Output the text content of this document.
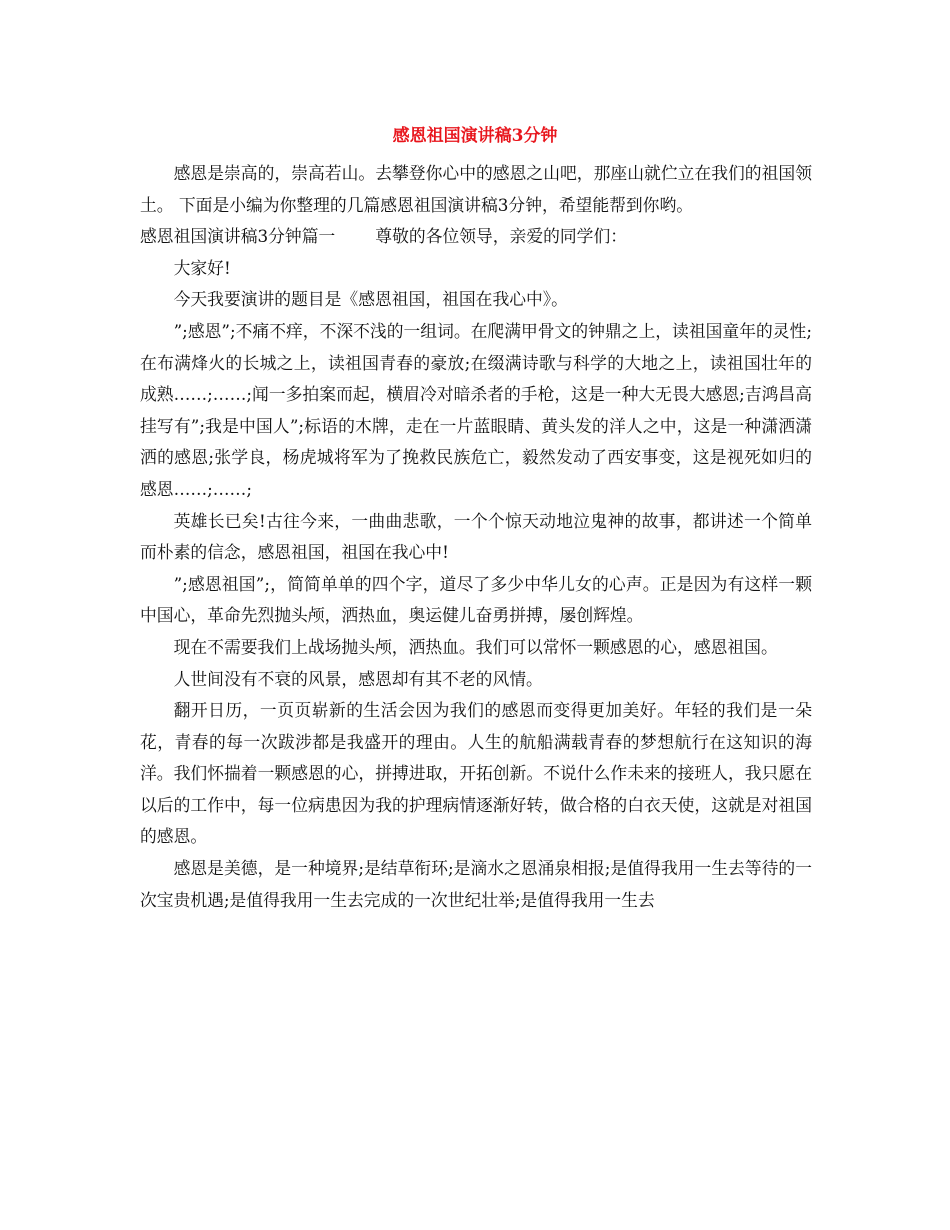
感恩祖国演讲稿3分钟

感恩是崇高的，崇高若山。去攀登你心中的感恩之山吧，那座山就伫立在我们的祖国领土。 下面是小编为你整理的几篇感恩祖国演讲稿3分钟，希望能帮到你哟。

感恩祖国演讲稿3分钟篇一 尊敬的各位领导，亲爱的同学们：

大家好!

今天我要演讲的题目是《感恩祖国，祖国在我心中》。

”;感恩”;不痛不痒，不深不浅的一组词。在爬满甲骨文的钟鼎之上，读祖国童年的灵性;在布满烽火的长城之上，读祖国青春的豪放;在缀满诗歌与科学的大地之上，读祖国壮年的成熟……;……;闻一多拍案而起，横眉冷对暗杀者的手枪，这是一种大无畏大感恩;吉鸿昌高挂写有”;我是中国人”;标语的木牌，走在一片蓝眼睛、黄头发的洋人之中，这是一种潇洒潇洒的感恩;张学良，杨虎城将军为了挽救民族危亡，毅然发动了西安事变，这是视死如归的感恩……;……;

英雄长已矣!古往今来，一曲曲悲歌，一个个惊天动地泣鬼神的故事，都讲述一个简单而朴素的信念，感恩祖国，祖国在我心中!

”;感恩祖国”;，简简单单的四个字，道尽了多少中华儿女的心声。正是因为有这样一颗中国心，革命先烈抛头颅，洒热血，奥运健儿奋勇拼搏，屡创辉煌。

现在不需要我们上战场抛头颅，洒热血。我们可以常怀一颗感恩的心，感恩祖国。

人世间没有不衰的风景，感恩却有其不老的风情。

翻开日历，一页页崭新的生活会因为我们的感恩而变得更加美好。年轻的我们是一朵花，青春的每一次跋涉都是我盛开的理由。人生的航船满载青春的梦想航行在这知识的海洋。我们怀揣着一颗感恩的心，拼搏进取，开拓创新。不说什么作未来的接班人，我只愿在以后的工作中，每一位病患因为我的护理病情逐渐好转，做合格的白衣天使，这就是对祖国的感恩。

感恩是美德，是一种境界;是结草衔环;是滴水之恩涌泉相报;是值得我用一生去等待的一次宝贵机遇;是值得我用一生去完成的一次世纪壮举;是值得我用一生去
